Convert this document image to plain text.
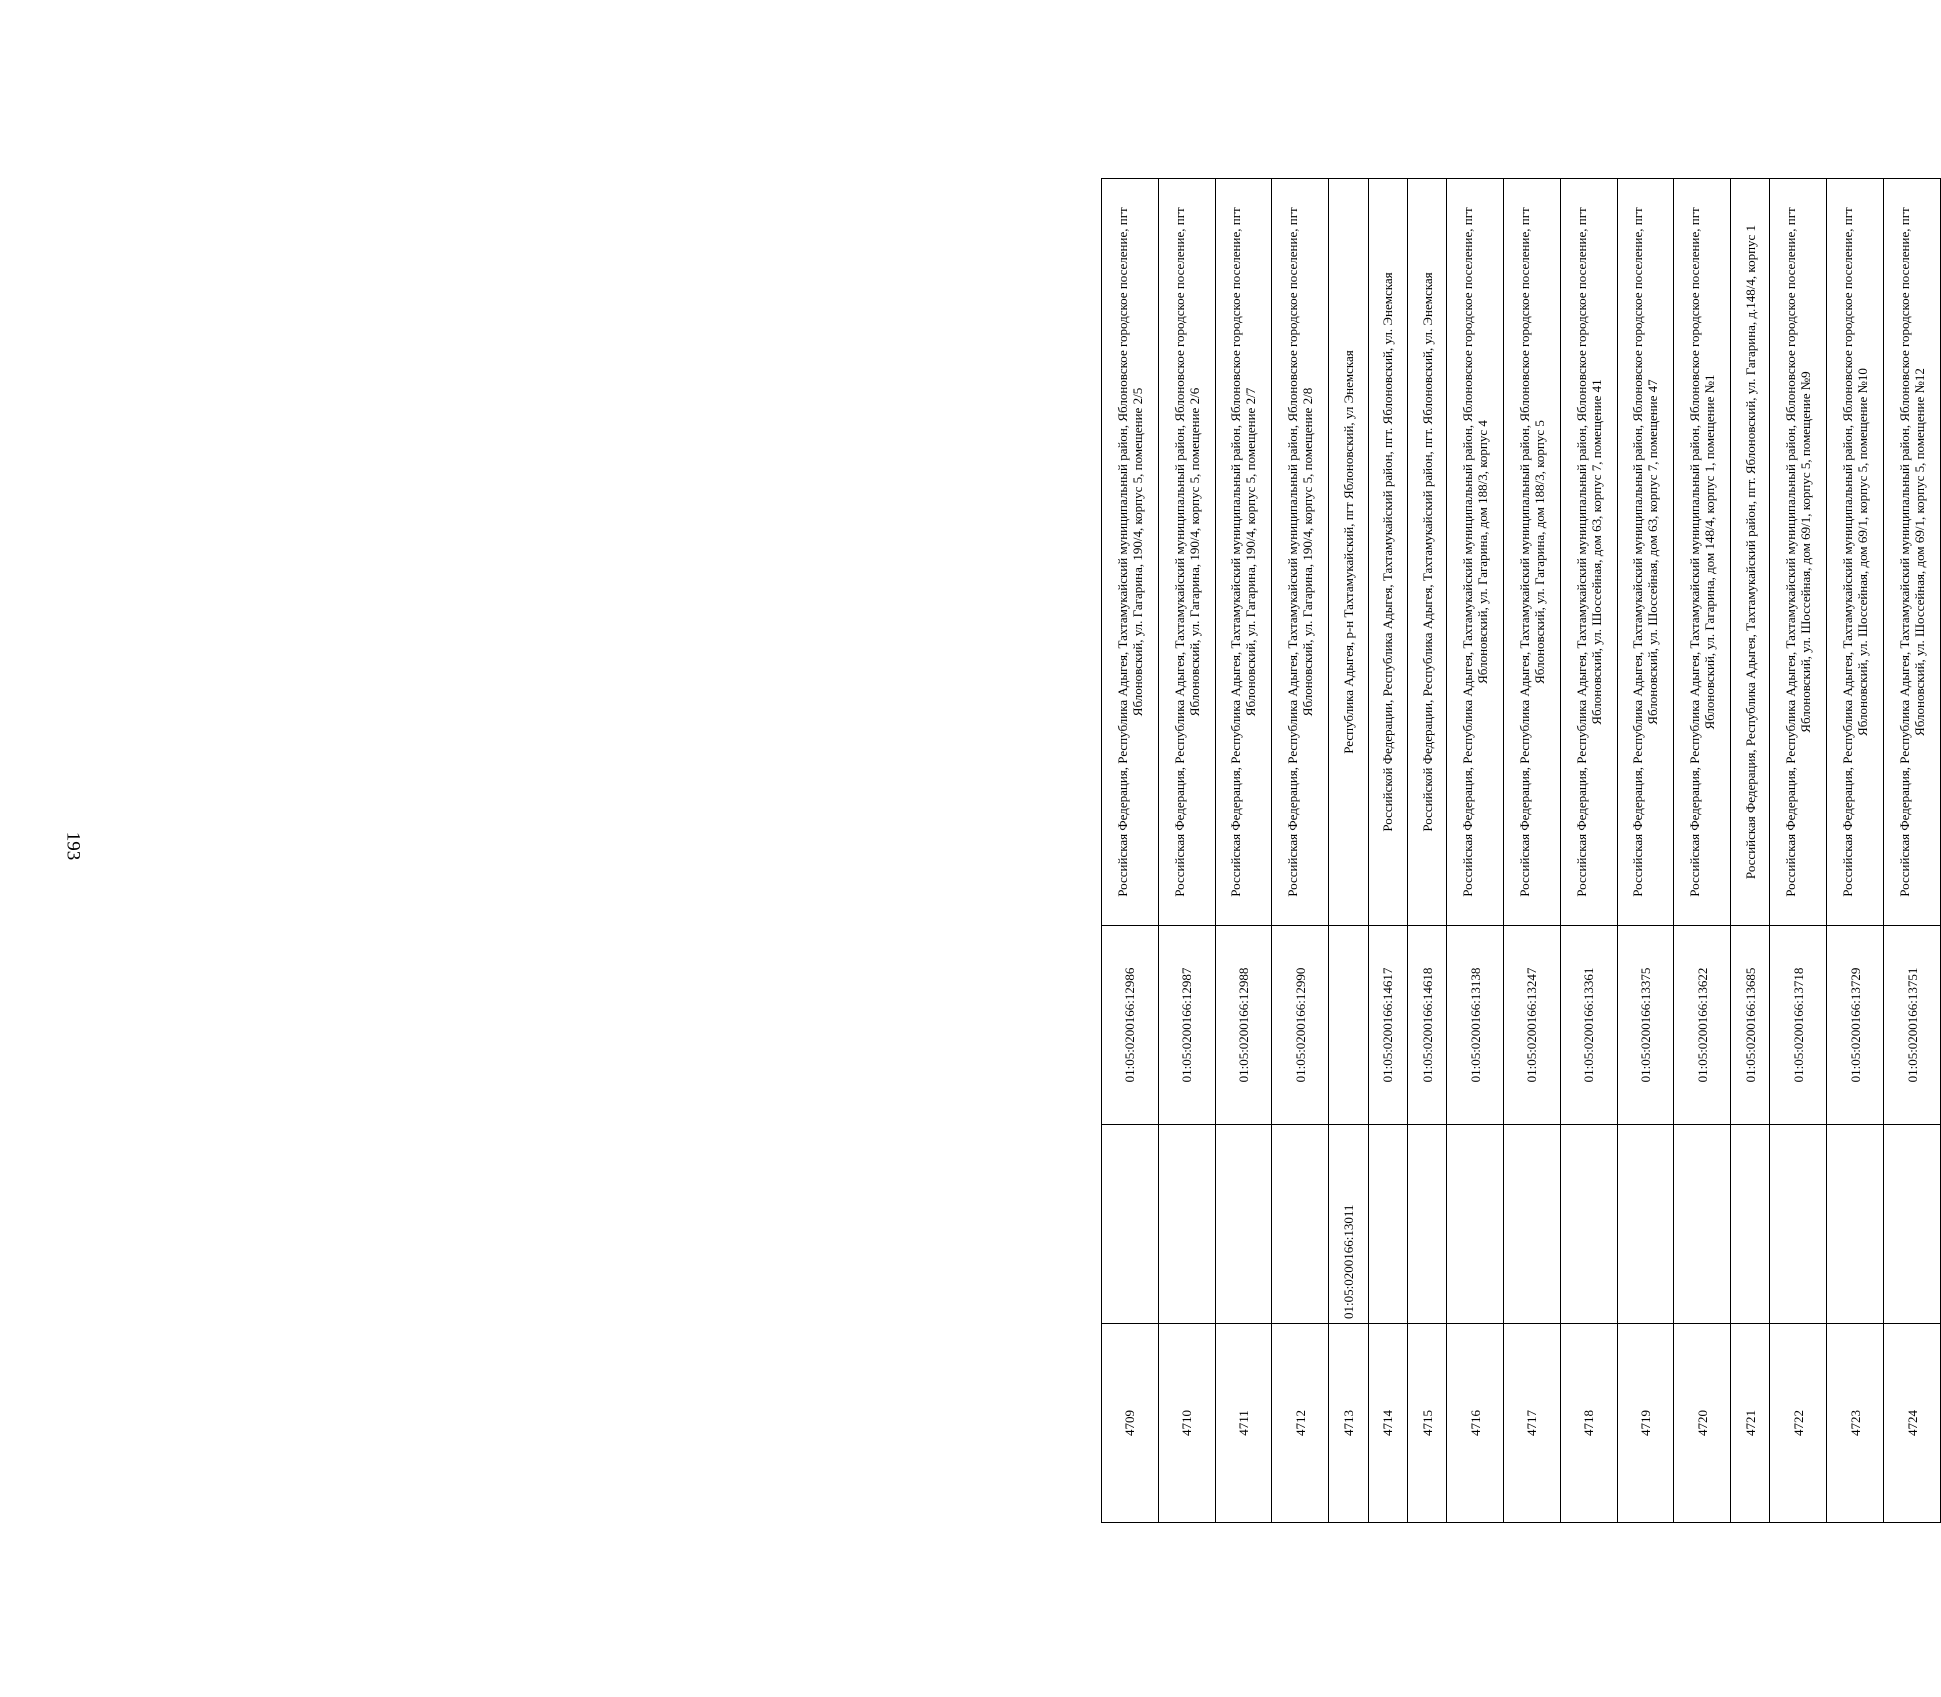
193
4709		01:05:0200166:12986	Российская Федерация, Республика Адыгея, Тахтамукайский муниципальный район, Яблоновское городское поселение, пгт Яблоновский, ул. Гагарина, 190/4, корпус 5, помещение 2/5
4710		01:05:0200166:12987	Российская Федерация, Республика Адыгея, Тахтамукайский муниципальный район, Яблоновское городское поселение, пгт Яблоновский, ул. Гагарина, 190/4, корпус 5, помещение 2/6
4711		01:05:0200166:12988	Российская Федерация, Республика Адыгея, Тахтамукайский муниципальный район, Яблоновское городское поселение, пгт Яблоновский, ул. Гагарина, 190/4, корпус 5, помещение 2/7
4712		01:05:0200166:12990	Российская Федерация, Республика Адыгея, Тахтамукайский муниципальный район, Яблоновское городское поселение, пгт Яблоновский, ул. Гагарина, 190/4, корпус 5, помещение 2/8
4713	01:05:0200166:13011		Республика Адыгея, р-н Тахтамукайский, пгт Яблоновский, ул Энемская
4714		01:05:0200166:14617	Российской Федерации, Республика Адыгея, Тахтамукайский район, пгт. Яблоновский, ул. Энемская
4715		01:05:0200166:14618	Российской Федерации, Республика Адыгея, Тахтамукайский район, пгт. Яблоновский, ул. Энемская
4716		01:05:0200166:13138	Российская Федерация, Республика Адыгея, Тахтамукайский муниципальный район, Яблоновское городское поселение, пгт Яблоновский, ул. Гагарина, дом 188/3, корпус 4
4717		01:05:0200166:13247	Российская Федерация, Республика Адыгея, Тахтамукайский муниципальный район, Яблоновское городское поселение, пгт Яблоновский, ул. Гагарина, дом 188/3, корпус 5
4718		01:05:0200166:13361	Российская Федерация, Республика Адыгея, Тахтамукайский муниципальный район, Яблоновское городское поселение, пгт Яблоновский, ул. Шоссейная, дом 63, корпус 7, помещение 41
4719		01:05:0200166:13375	Российская Федерация, Республика Адыгея, Тахтамукайский муниципальный район, Яблоновское городское поселение, пгт Яблоновский, ул. Шоссейная, дом 63, корпус 7, помещение 47
4720		01:05:0200166:13622	Российская Федерация, Республика Адыгея, Тахтамукайский муниципальный район, Яблоновское городское поселение, пгт Яблоновский, ул. Гагарина, дом 148/4, корпус 1, помещение №1
4721		01:05:0200166:13685	Российская Федерация, Республика Адыгея, Тахтамукайский район, пгт. Яблоновский, ул. Гагарина, д.148/4, корпус 1
4722		01:05:0200166:13718	Российская Федерация, Республика Адыгея, Тахтамукайский муниципальный район, Яблоновское городское поселение, пгт Яблоновский, ул. Шоссейная, дом 69/1, корпус 5, помещение №9
4723		01:05:0200166:13729	Российская Федерация, Республика Адыгея, Тахтамукайский муниципальный район, Яблоновское городское поселение, пгт Яблоновский, ул. Шоссейная, дом 69/1, корпус 5, помещение №10
4724		01:05:0200166:13751	Российская Федерация, Республика Адыгея, Тахтамукайский муниципальный район, Яблоновское городское поселение, пгт Яблоновский, ул. Шоссейная, дом 69/1, корпус 5, помещение №12
